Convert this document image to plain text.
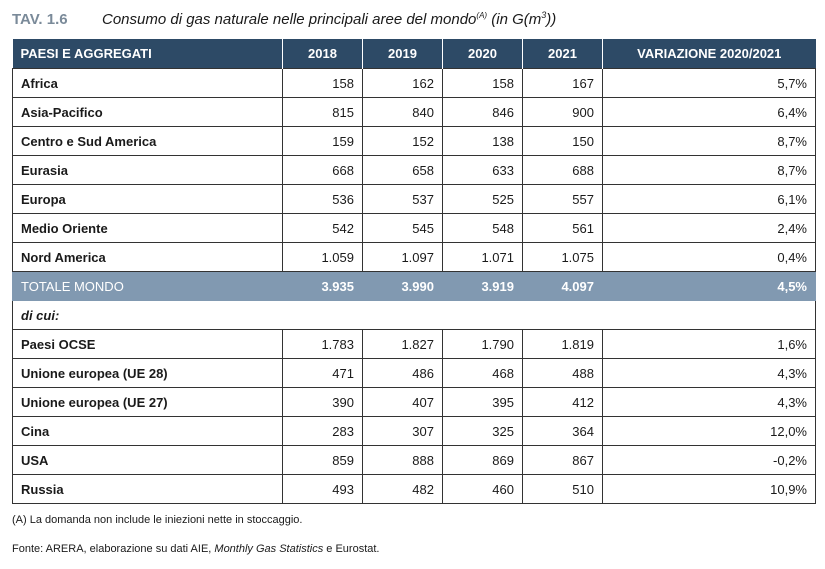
TAV. 1.6	Consumo di gas naturale nelle principali aree del mondo$^{(A)}$ (in $G(m^3)$)
PAESI E AGGREGATI	2018	2019	2020	2021	VARIAZIONE 2020/2021
Africa	158	162	158	167	5,7%
Asia-Pacifico	815	840	846	900	6,4%
Centro e Sud America	159	152	138	150	8,7%
Eurasia	668	658	633	688	8,7%
Europa	536	537	525	557	6,1%
Medio Oriente	542	545	548	561	2,4%
Nord America	1.059	1.097	1.071	1.075	0,4%
TOTALE MONDO	3.935	3.990	3.919	4.097	4,5%
di cui:					
Paesi OCSE	1.783	1.827	1.790	1.819	1,6%
Unione europea (UE 28)	471	486	468	488	4,3%
Unione europea (UE 27)	390	407	395	412	4,3%
Cina	283	307	325	364	12,0%
USA	859	888	869	867	-0,2%
Russia	493	482	460	510	10,9%
(A) La domanda non include le iniezioni nette in stoccaggio.
Fonte: ARERA, elaborazione su dati AIE, Monthly Gas Statistics e Eurostat.
